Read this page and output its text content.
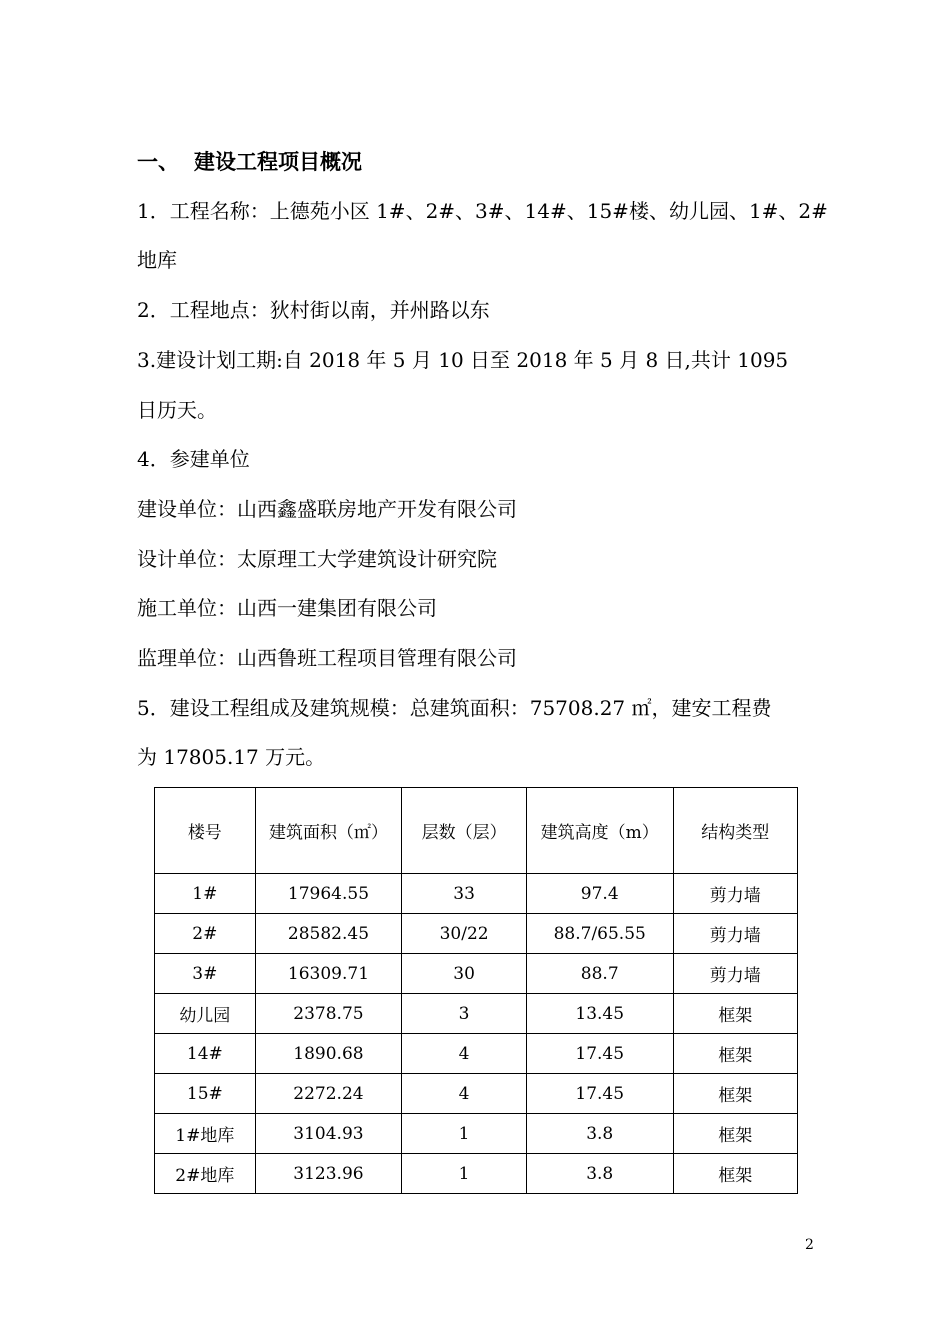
一、 建设工程项目概况
1．工程名称：上德苑小区 1#、2#、3#、14#、15#楼、幼儿园、1#、2#
地库
2．工程地点：狄村街以南，并州路以东
3.建设计划工期:自 2018 年 5 月 10 日至 2018 年 5 月 8 日,共计 1095
日历天。
4．参建单位
建设单位：山西鑫盛联房地产开发有限公司
设计单位：太原理工大学建筑设计研究院
施工单位：山西一建集团有限公司
监理单位：山西鲁班工程项目管理有限公司
5．建设工程组成及建筑规模：总建筑面积：75708.27 ㎡，建安工程费
为 17805.17 万元。
楼号	建筑面积（㎡）	层数（层）	建筑高度（m）	结构类型
1#	17964.55	33	97.4	剪力墙
2#	28582.45	30/22	88.7/65.55	剪力墙
3#	16309.71	30	88.7	剪力墙
幼儿园	2378.75	3	13.45	框架
14#	1890.68	4	17.45	框架
15#	2272.24	4	17.45	框架
1#地库	3104.93	1	3.8	框架
2#地库	3123.96	1	3.8	框架
2
